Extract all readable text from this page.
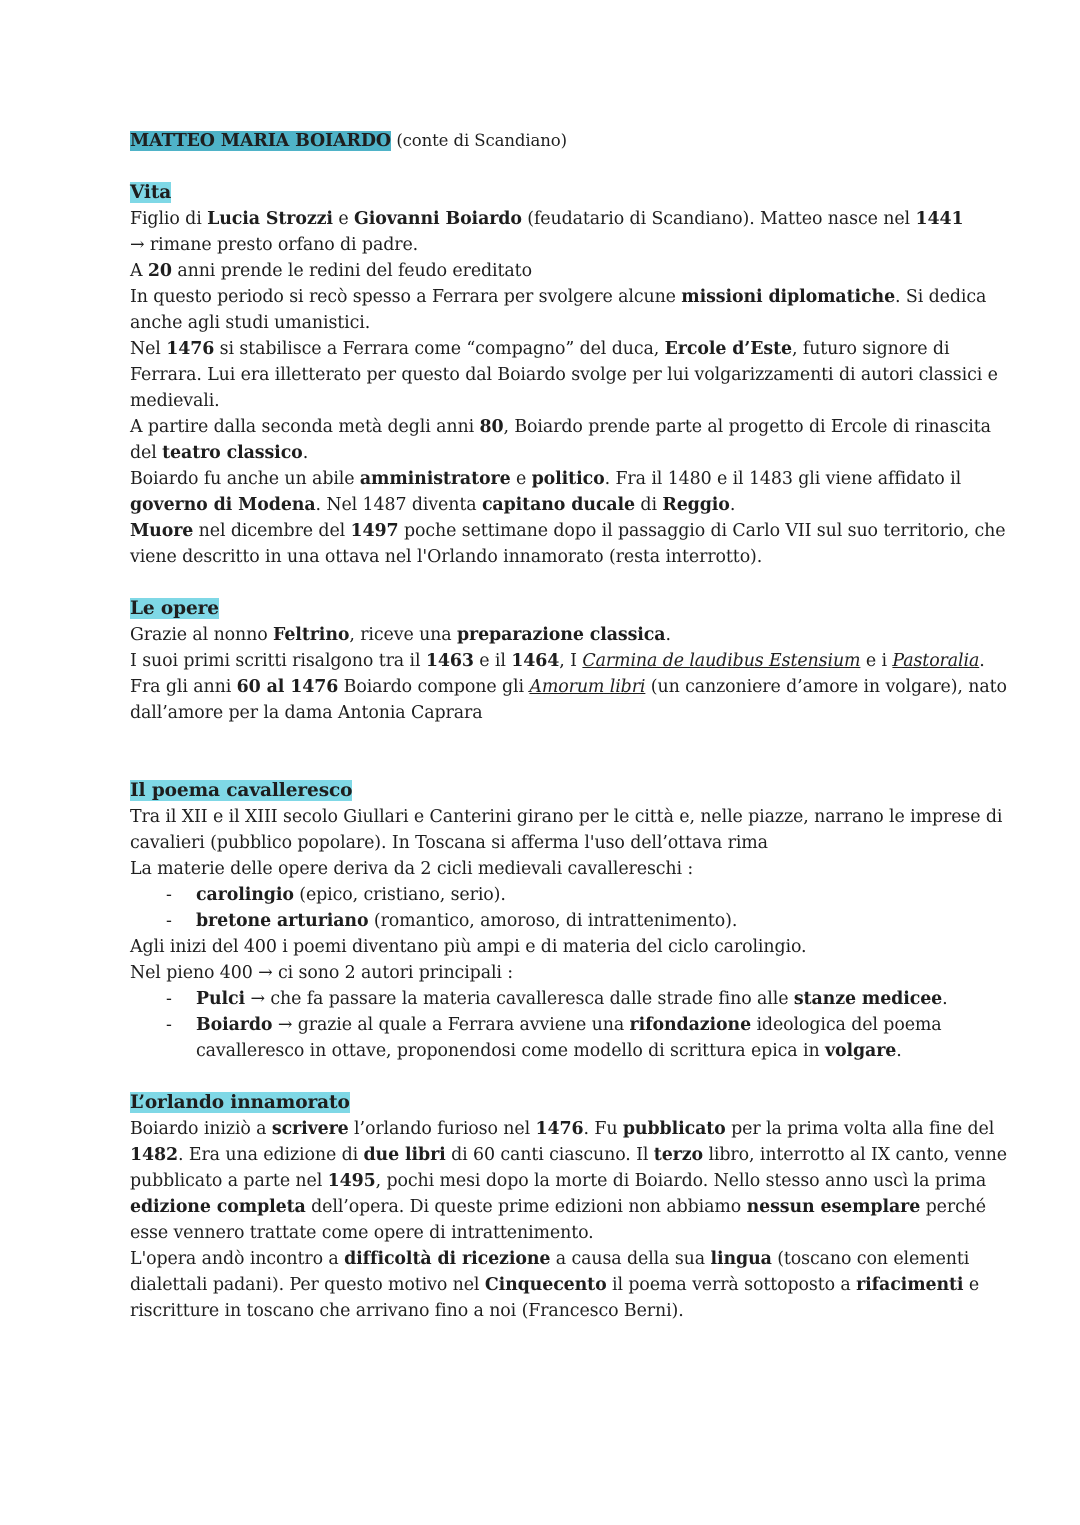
MATTEO MARIA BOIARDO (conte di Scandiano)
Vita
Figlio di Lucia Strozzi e Giovanni Boiardo (feudatario di Scandiano). Matteo nasce nel 1441
→ rimane presto orfano di padre.
A 20 anni prende le redini del feudo ereditato
In questo periodo si recò spesso a Ferrara per svolgere alcune missioni diplomatiche. Si dedica anche agli studi umanistici.
Nel 1476 si stabilisce a Ferrara come “compagno” del duca, Ercole d’Este, futuro signore di Ferrara. Lui era illetterato per questo dal Boiardo svolge per lui volgarizzamenti di autori classici e medievali.
A partire dalla seconda metà degli anni 80, Boiardo prende parte al progetto di Ercole di rinascita del teatro classico.
Boiardo fu anche un abile amministratore e politico. Fra il 1480 e il 1483 gli viene affidato il governo di Modena. Nel 1487 diventa capitano ducale di Reggio.
Muore nel dicembre del 1497 poche settimane dopo il passaggio di Carlo VII sul suo territorio, che viene descritto in una ottava nel l'Orlando innamorato (resta interrotto).
Le opere
Grazie al nonno Feltrino, riceve una preparazione classica.
I suoi primi scritti risalgono tra il 1463 e il 1464, I Carmina de laudibus Estensium e i Pastoralia.
Fra gli anni 60 al 1476 Boiardo compone gli Amorum libri (un canzoniere d’amore in volgare), nato dall’amore per la dama Antonia Caprara
Il poema cavalleresco
Tra il XII e il XIII secolo Giullari e Canterini girano per le città e, nelle piazze, narrano le imprese di cavalieri (pubblico popolare). In Toscana si afferma l'uso dell’ottava rima
La materie delle opere deriva da 2 cicli medievali cavallereschi :
- carolingio (epico, cristiano, serio).
- bretone arturiano (romantico, amoroso, di intrattenimento).
Agli inizi del 400 i poemi diventano più ampi e di materia del ciclo carolingio.
Nel pieno 400 → ci sono 2 autori principali :
- Pulci → che fa passare la materia cavalleresca dalle strade fino alle stanze medicee.
- Boiardo → grazie al quale a Ferrara avviene una rifondazione ideologica del poema cavalleresco in ottave, proponendosi come modello di scrittura epica in volgare.
L’orlando innamorato
Boiardo iniziò a scrivere l’orlando furioso nel 1476. Fu pubblicato per la prima volta alla fine del 1482. Era una edizione di due libri di 60 canti ciascuno. Il terzo libro, interrotto al IX canto, venne pubblicato a parte nel 1495, pochi mesi dopo la morte di Boiardo. Nello stesso anno uscì la prima edizione completa dell’opera. Di queste prime edizioni non abbiamo nessun esemplare perché esse vennero trattate come opere di intrattenimento.
L'opera andò incontro a difficoltà di ricezione a causa della sua lingua (toscano con elementi dialettali padani). Per questo motivo nel Cinquecento il poema verrà sottoposto a rifacimenti e riscritture in toscano che arrivano fino a noi (Francesco Berni).
